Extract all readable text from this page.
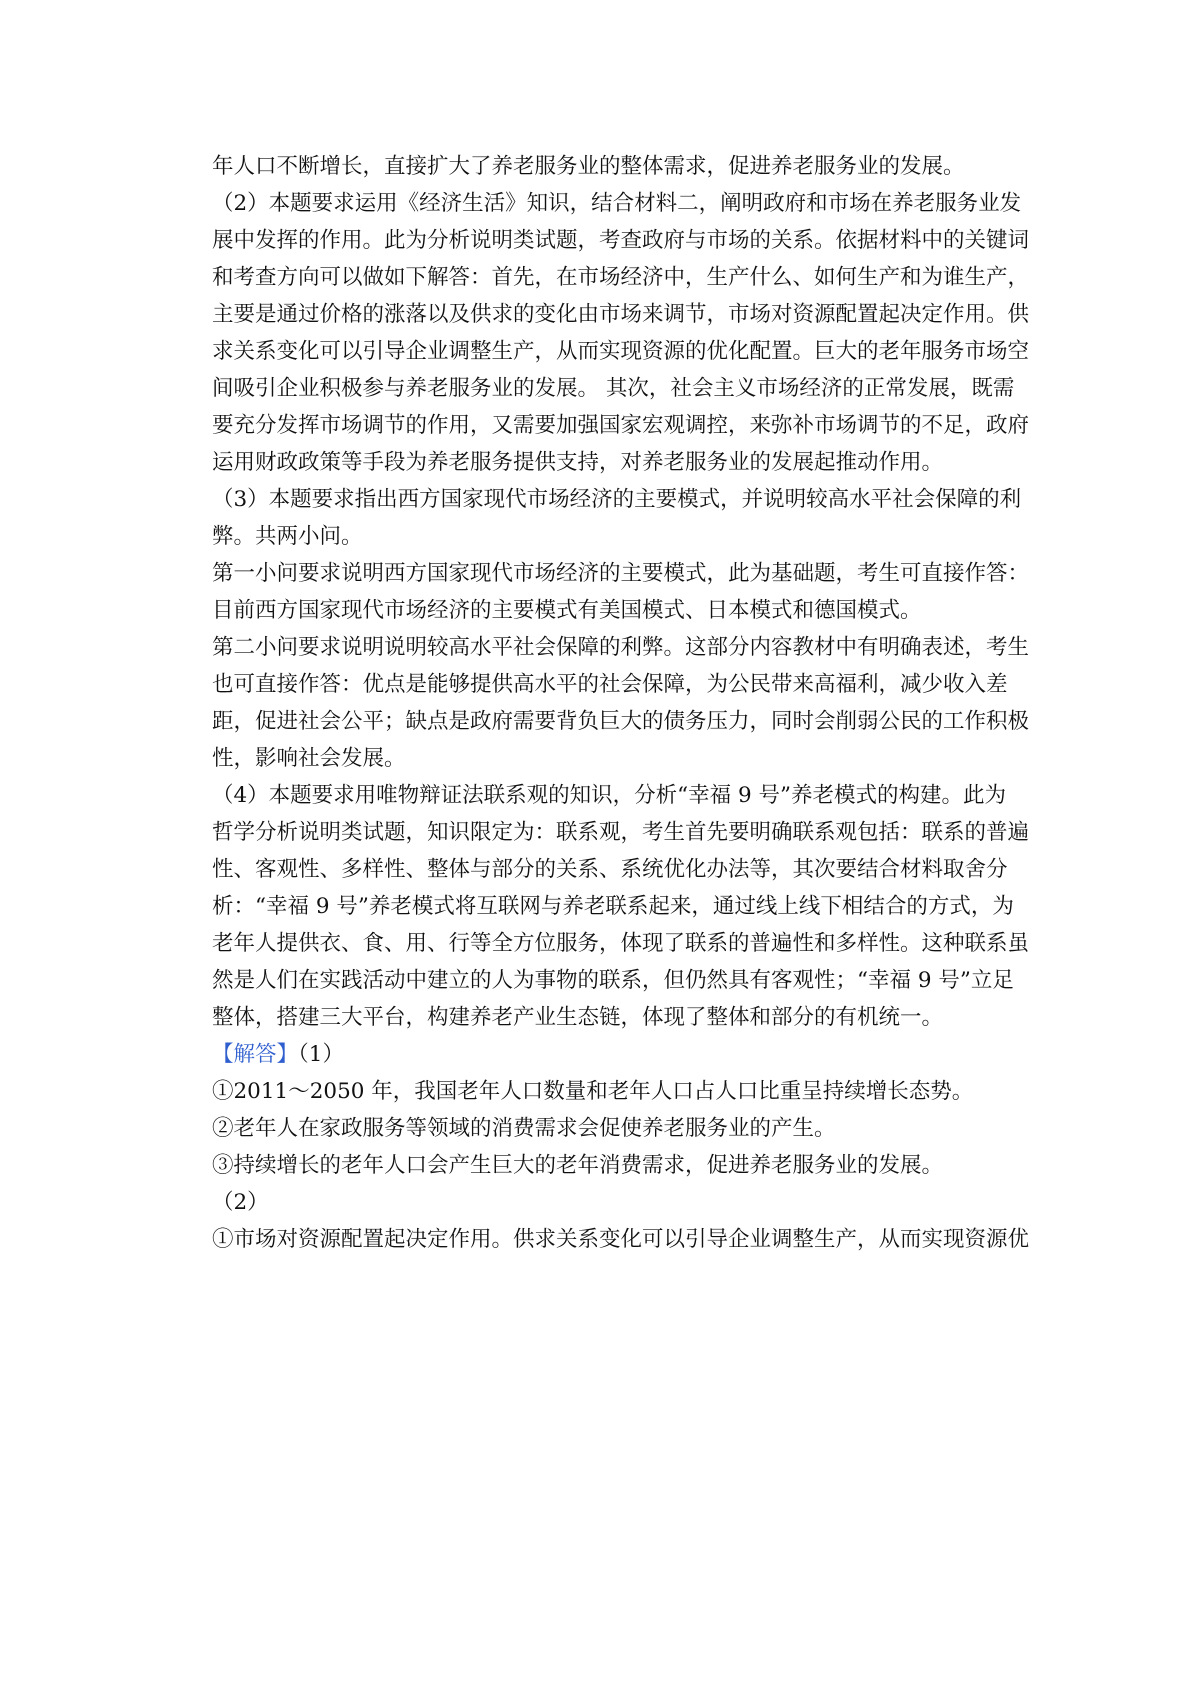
年人口不断增长，直接扩大了养老服务业的整体需求，促进养老服务业的发展。

（2）本题要求运用《经济生活》知识，结合材料二，阐明政府和市场在养老服务业发

展中发挥的作用。此为分析说明类试题，考查政府与市场的关系。依据材料中的关键词

和考查方向可以做如下解答：首先，在市场经济中，生产什么、如何生产和为谁生产，

主要是通过价格的涨落以及供求的变化由市场来调节，市场对资源配置起决定作用。供

求关系变化可以引导企业调整生产，从而实现资源的优化配置。巨大的老年服务市场空

间吸引企业积极参与养老服务业的发展。 其次，社会主义市场经济的正常发展，既需

要充分发挥市场调节的作用，又需要加强国家宏观调控，来弥补市场调节的不足，政府

运用财政政策等手段为养老服务提供支持，对养老服务业的发展起推动作用。

（3）本题要求指出西方国家现代市场经济的主要模式，并说明较高水平社会保障的利

弊。共两小问。

第一小问要求说明西方国家现代市场经济的主要模式，此为基础题，考生可直接作答：

目前西方国家现代市场经济的主要模式有美国模式、日本模式和德国模式。

第二小问要求说明说明较高水平社会保障的利弊。这部分内容教材中有明确表述，考生

也可直接作答：优点是能够提供高水平的社会保障，为公民带来高福利，减少收入差

距，促进社会公平；缺点是政府需要背负巨大的债务压力，同时会削弱公民的工作积极

性，影响社会发展。

（4）本题要求用唯物辩证法联系观的知识，分析“幸福 9 号”养老模式的构建。此为

哲学分析说明类试题，知识限定为：联系观，考生首先要明确联系观包括：联系的普遍

性、客观性、多样性、整体与部分的关系、系统优化办法等，其次要结合材料取舍分

析：“幸福 9 号”养老模式将互联网与养老联系起来，通过线上线下相结合的方式，为

老年人提供衣、食、用、行等全方位服务，体现了联系的普遍性和多样性。这种联系虽

然是人们在实践活动中建立的人为事物的联系，但仍然具有客观性；“幸福 9 号”立足

整体，搭建三大平台，构建养老产业生态链，体现了整体和部分的有机统一。

【解答】（1）

①2011～2050 年，我国老年人口数量和老年人口占人口比重呈持续增长态势。

②老年人在家政服务等领域的消费需求会促使养老服务业的产生。

③持续增长的老年人口会产生巨大的老年消费需求，促进养老服务业的发展。

（2）

①市场对资源配置起决定作用。供求关系变化可以引导企业调整生产，从而实现资源优
